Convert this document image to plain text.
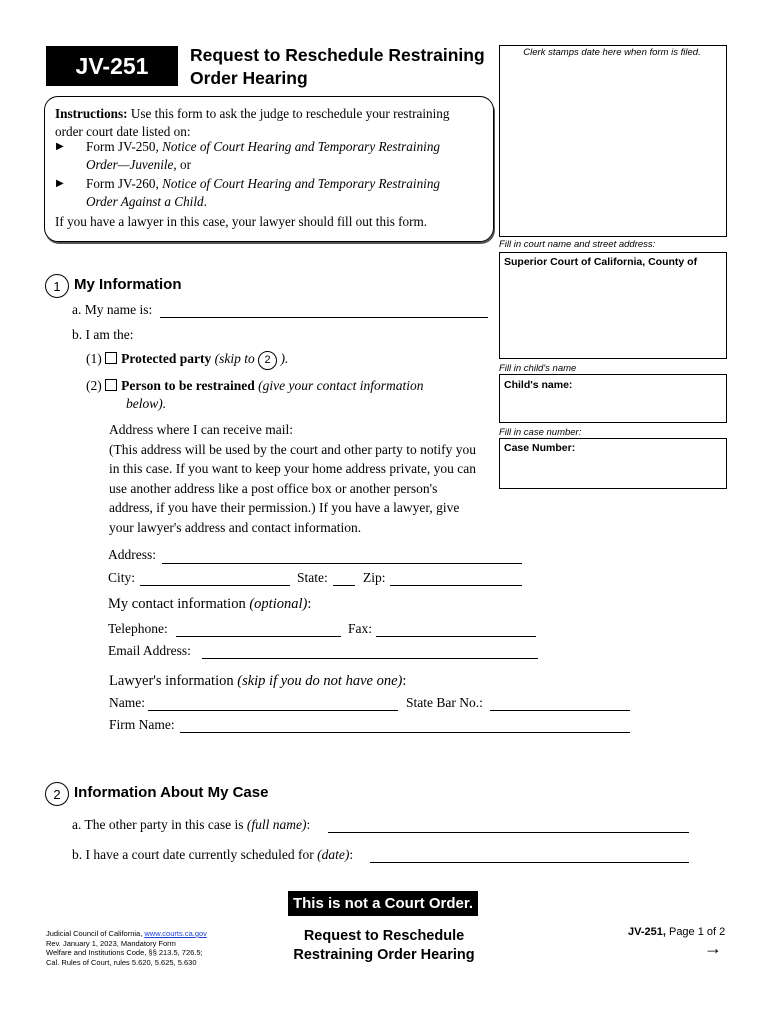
JV-251	Request to Reschedule Restraining
Order Hearing
Clerk stamps date here when form is filed.
Instructions: Use this form to ask the judge to reschedule your restraining
order court date listed on:
▶ Form JV-250, Notice of Court Hearing and Temporary Restraining
Order—Juvenile, or
▶ Form JV-260, Notice of Court Hearing and Temporary Restraining
Order Against a Child.
If you have a lawyer in this case, your lawyer should fill out this form.
Fill in court name and street address:
Superior Court of California, County of
Fill in child's name
Child's name:
Fill in case number:
Case Number:
1 My Information
a. My name is:
b. I am the:
(1) Protected party (skip to 2 ).
(2) Person to be restrained (give your contact information
below).
Address where I can receive mail:
(This address will be used by the court and other party to notify you
in this case. If you want to keep your home address private, you can
use another address like a post office box or another person's
address, if you have their permission.) If you have a lawyer, give
your lawyer's address and contact information.
Address:
City:	State:	Zip:
My contact information (optional):
Telephone:	Fax:
Email Address:
Lawyer's information (skip if you do not have one):
Name:	State Bar No.:
Firm Name:
2 Information About My Case
a. The other party in this case is (full name):
b. I have a court date currently scheduled for (date):
This is not a Court Order.
Judicial Council of California, www.courts.ca.gov
Rev. January 1, 2023, Mandatory Form
Welfare and Institutions Code, §§ 213.5, 726.5;
Cal. Rules of Court, rules 5.620, 5.625, 5.630
Request to Reschedule
Restraining Order Hearing
JV-251, Page 1 of 2
→
